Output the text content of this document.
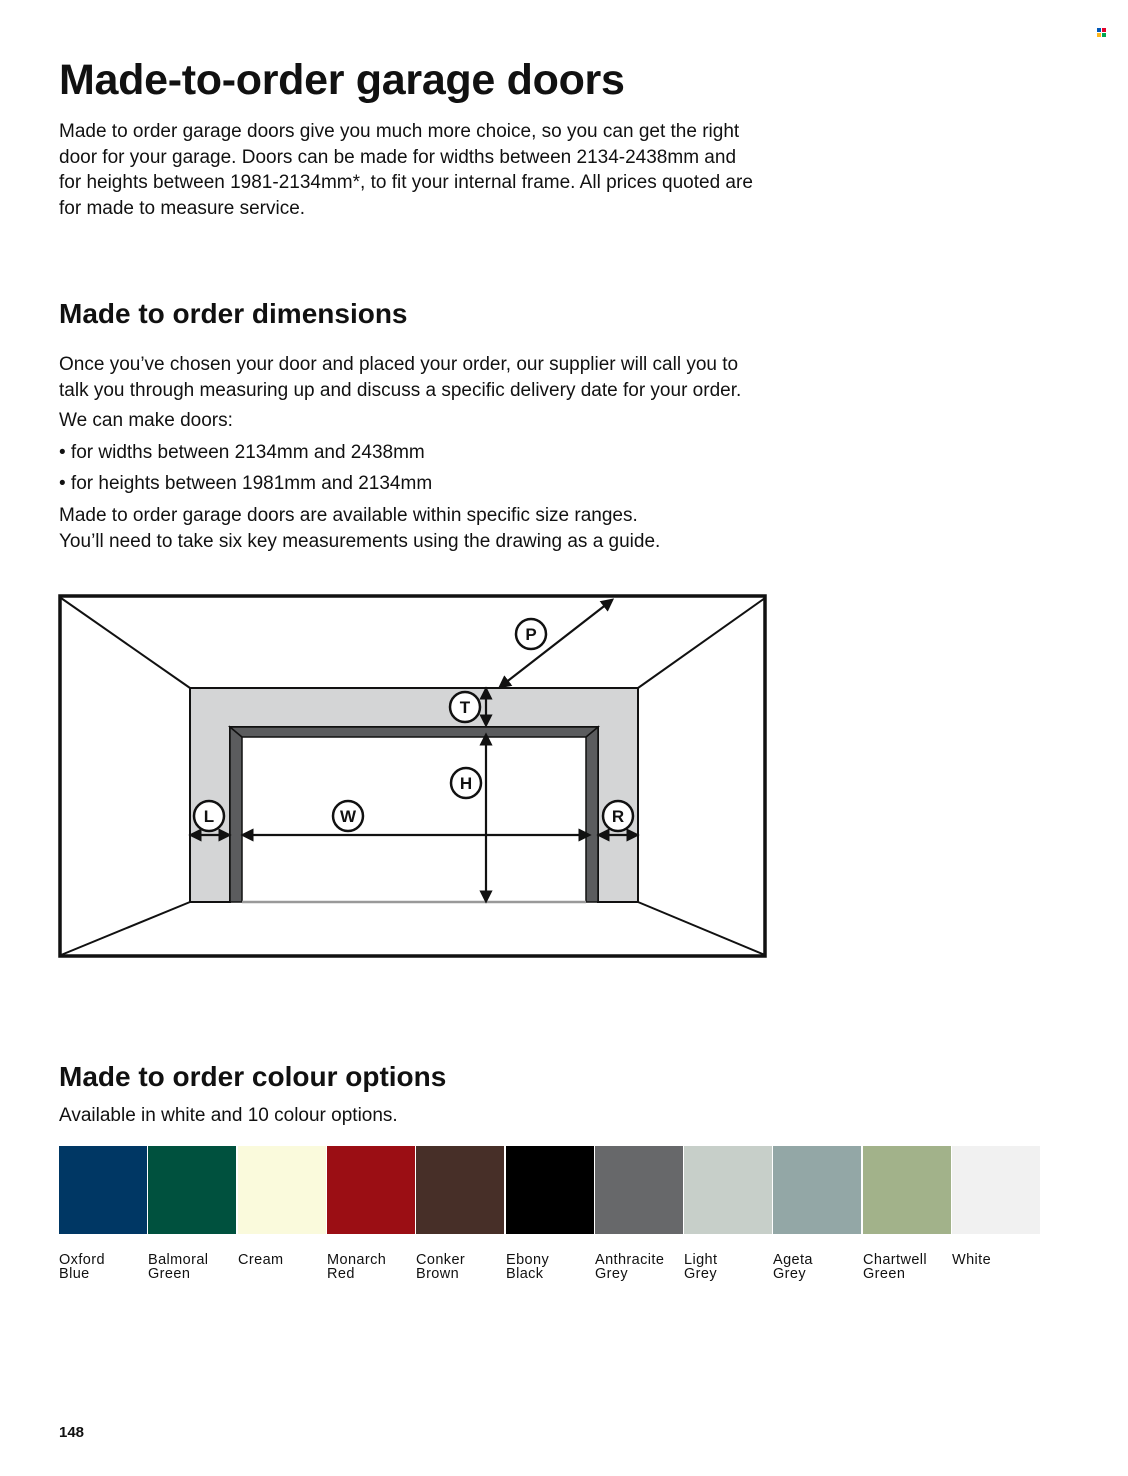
Made-to-order garage doors

Made to order garage doors give you much more choice, so you can get the right
door for your garage. Doors can be made for widths between 2134-2438mm and
for heights between 1981-2134mm*, to fit your internal frame. All prices quoted are
for made to measure service.

Made to order dimensions

Once you’ve chosen your door and placed your order, our supplier will call you to
talk you through measuring up and discuss a specific delivery date for your order.

We can make doors:

• for widths between 2134mm and 2438mm

• for heights between 1981mm and 2134mm

Made to order garage doors are available within specific size ranges.
You’ll need to take six key measurements using the drawing as a guide.

P
T
H
W
L	R
Made to order colour options

Available in white and 10 colour options.

Oxford
Blue
Balmoral
Green
Cream	Monarch
Red
Conker
Brown
Ebony
Black
Anthracite
Grey
Light
Grey
Ageta
Grey
Chartwell
Green
White
148
